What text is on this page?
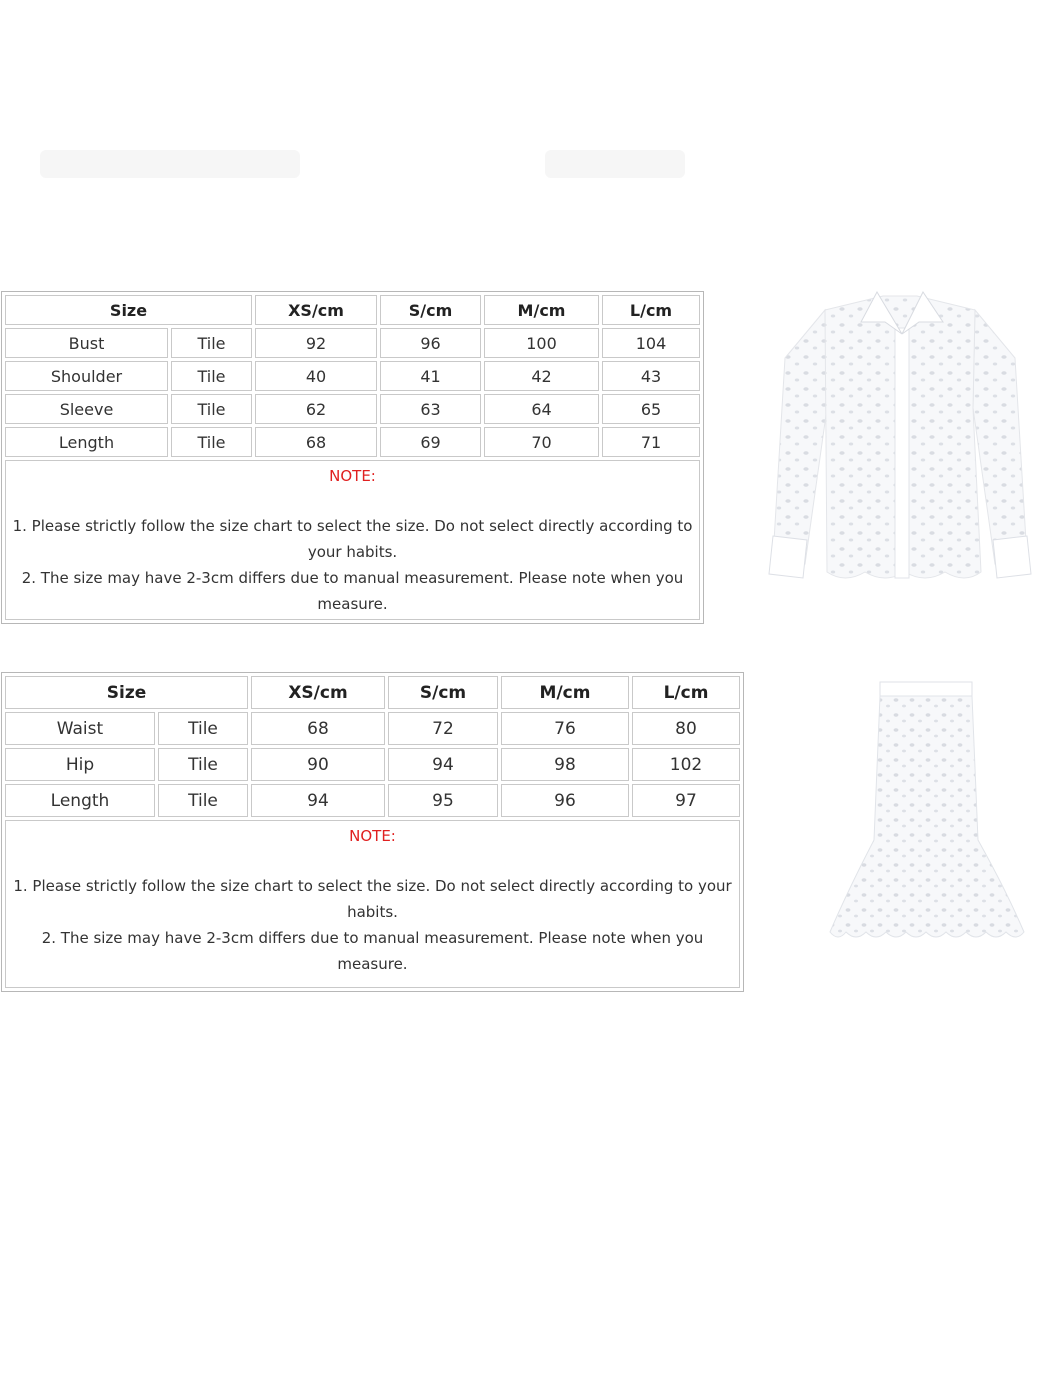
Size		XS/cm	S/cm	M/cm	L/cm
Bust	Tile	92	96	100	104
Shoulder	Tile	40	41	42	43
Sleeve	Tile	62	63	64	65
Length	Tile	68	69	70	71

NOTE:
1. Please strictly follow the size chart to select the size. Do not select directly according to your habits.
2. The size may have 2-3cm differs due to manual measurement. Please note when you measure.					
Size		XS/cm	S/cm	M/cm	L/cm
Waist	Tile	68	72	76	80
Hip	Tile	90	94	98	102
Length	Tile	94	95	96	97

NOTE:
1. Please strictly follow the size chart to select the size. Do not select directly according to your habits.
2. The size may have 2-3cm differs due to manual measurement. Please note when you measure.					
